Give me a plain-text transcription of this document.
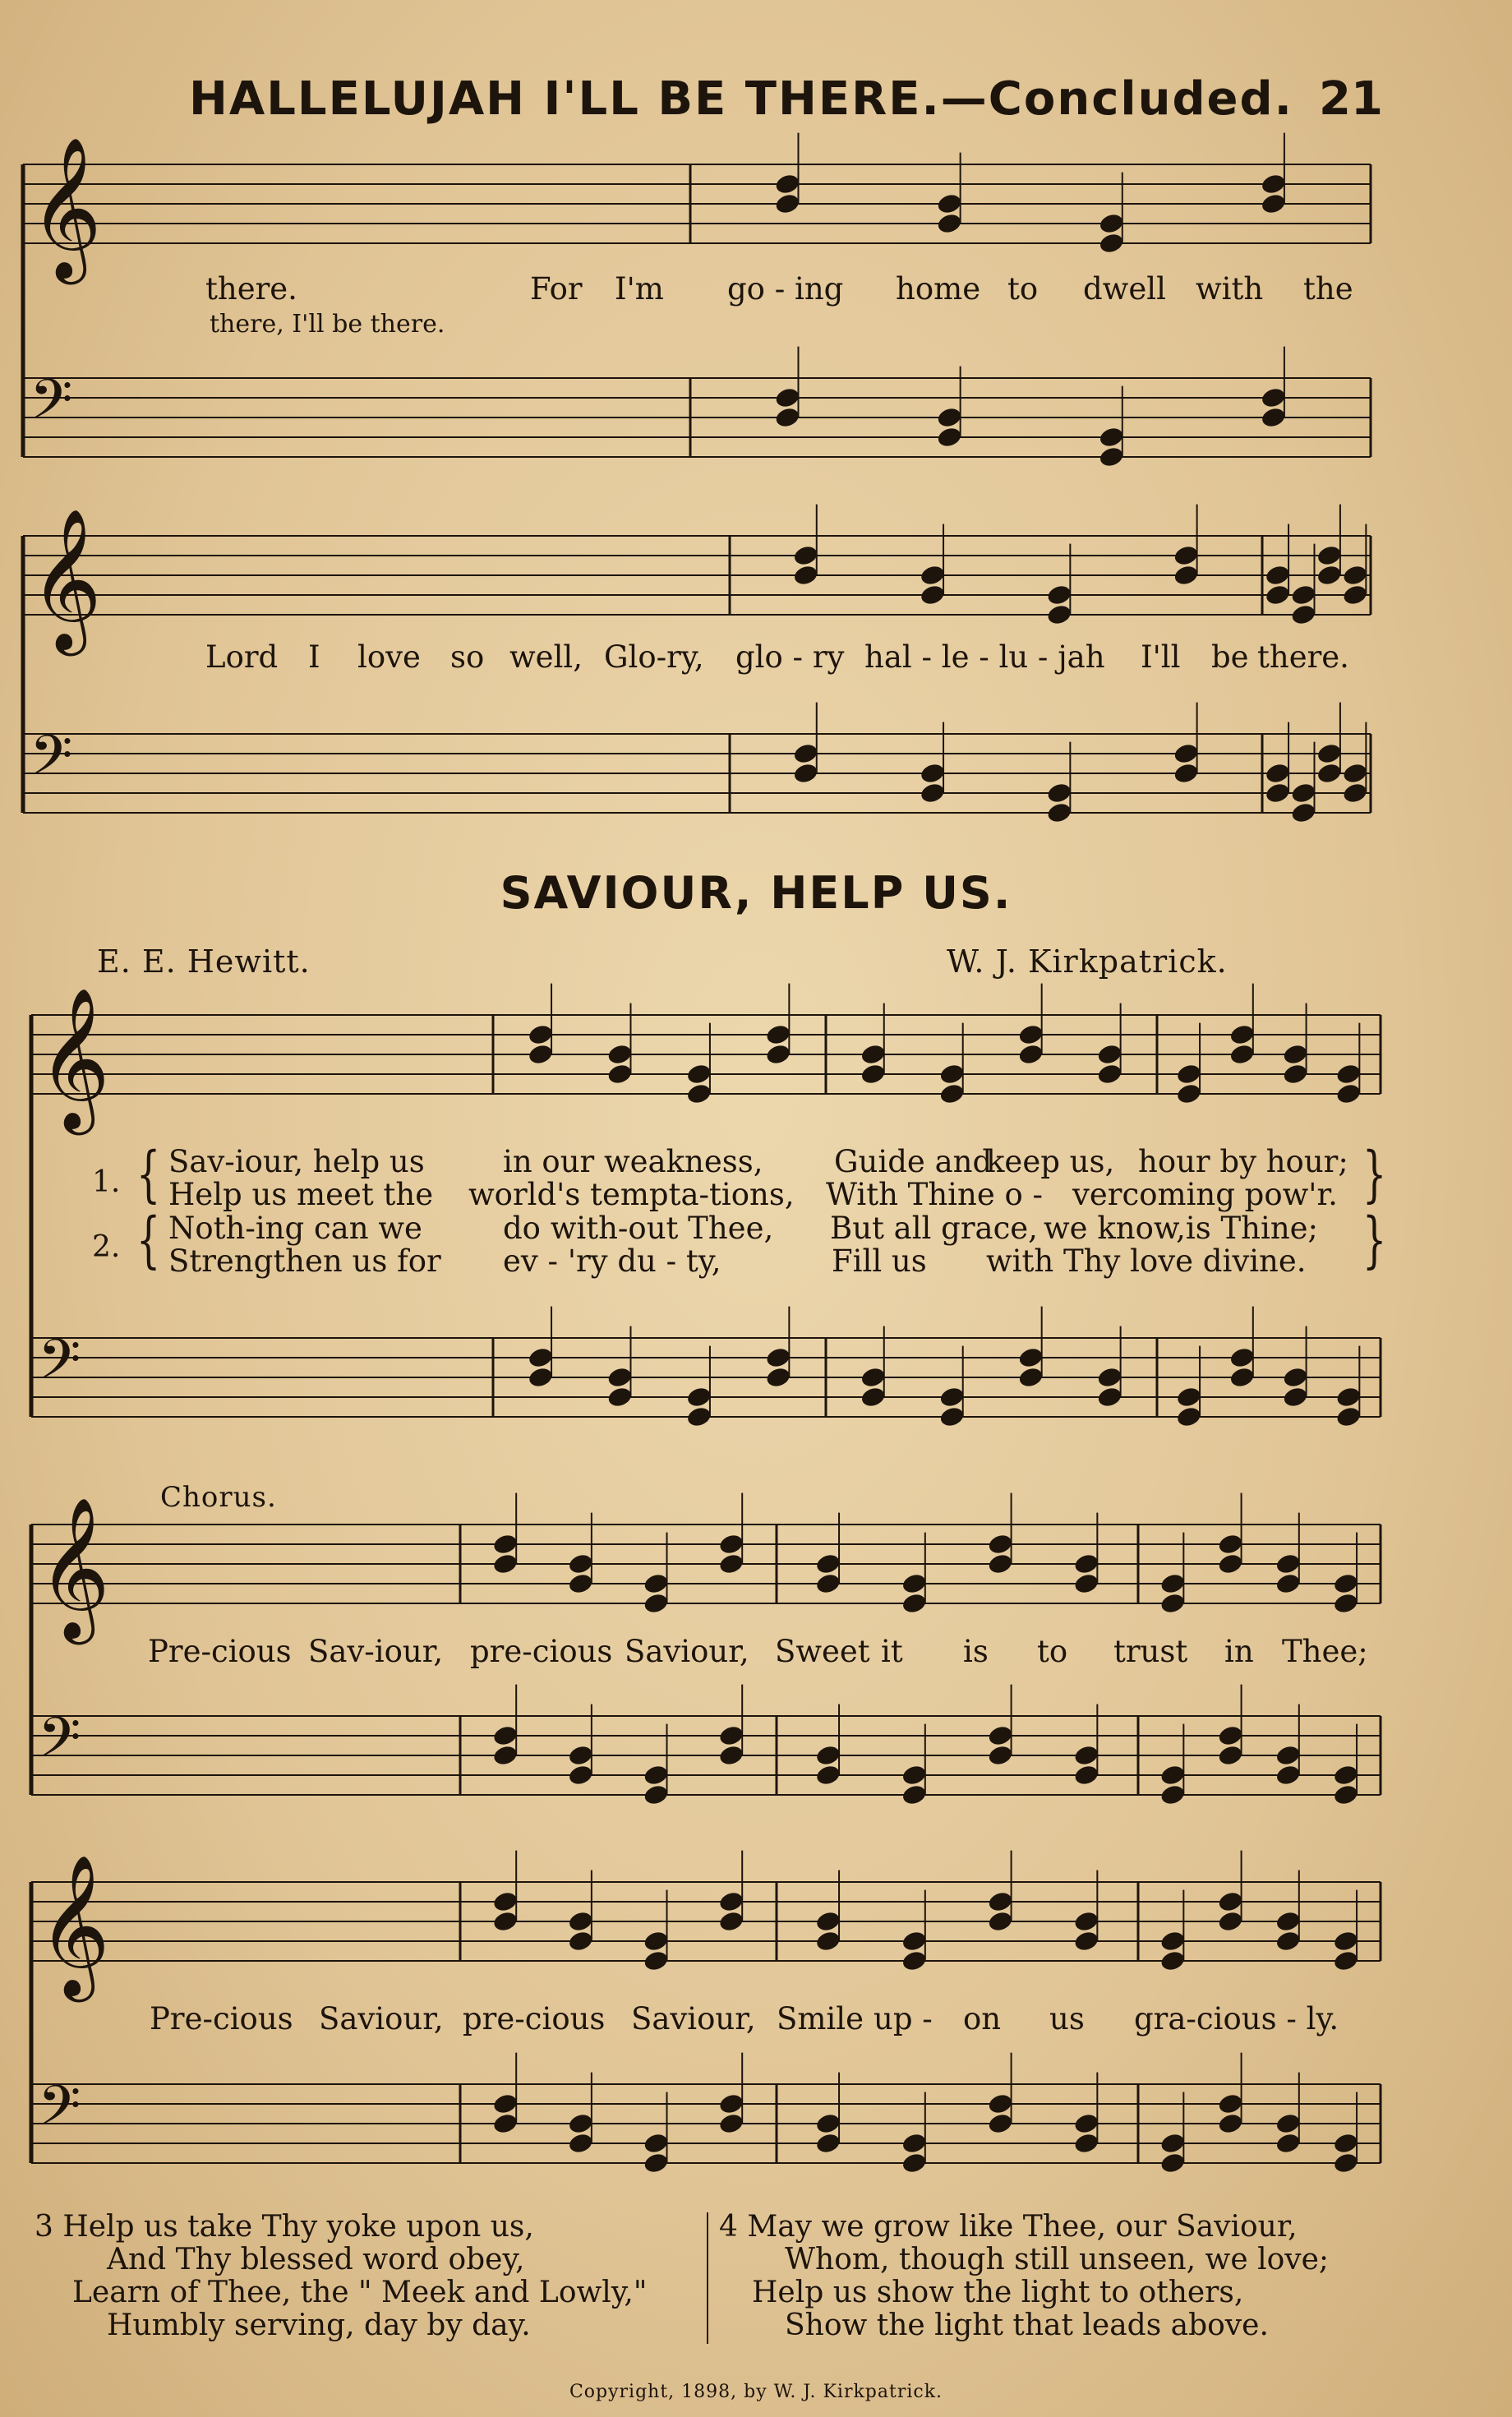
HALLELUJAH I'LL BE THERE.—Concluded. 21
𝄞
𝄢
𝄞
𝄢
𝄞
𝄢
𝄞
𝄢
𝄞
𝄢
there.	For I'm go - ing home to dwell with the
there, I'll be there.
Lord I love so well, Glo-ry, glo - ry hal - le - lu - jah I'll be there.
SAVIOUR, HELP US.
E. E. Hewitt.	W. J. Kirkpatrick.
1.
2.
{
{
}
}
Sav-iour, help us	in our weakness, Guide and
keep us, hour by hour;
Help us meet the world's tempta-tions, With Thine o - vercoming pow'r.
Noth-ing can we	do with-out Thee, But all grace, we know,is Thine;
Strengthen us for ev - 'ry du - ty,	Fill us with Thy love divine.
Chorus.
Pre-cious Sav-iour, pre-cious Saviour, Sweet it is to trust in Thee;
Pre-cious Saviour, pre-cious Saviour, Smile up - on us gra-cious - ly.
3 Help us take Thy yoke upon us,
And Thy blessed word obey,
Learn of Thee, the " Meek and Lowly,"
Humbly serving, day by day.
4 May we grow like Thee, our Saviour,
Whom, though still unseen, we love;
Help us show the light to others,
Show the light that leads above.
Copyright, 1898, by W. J. Kirkpatrick.
